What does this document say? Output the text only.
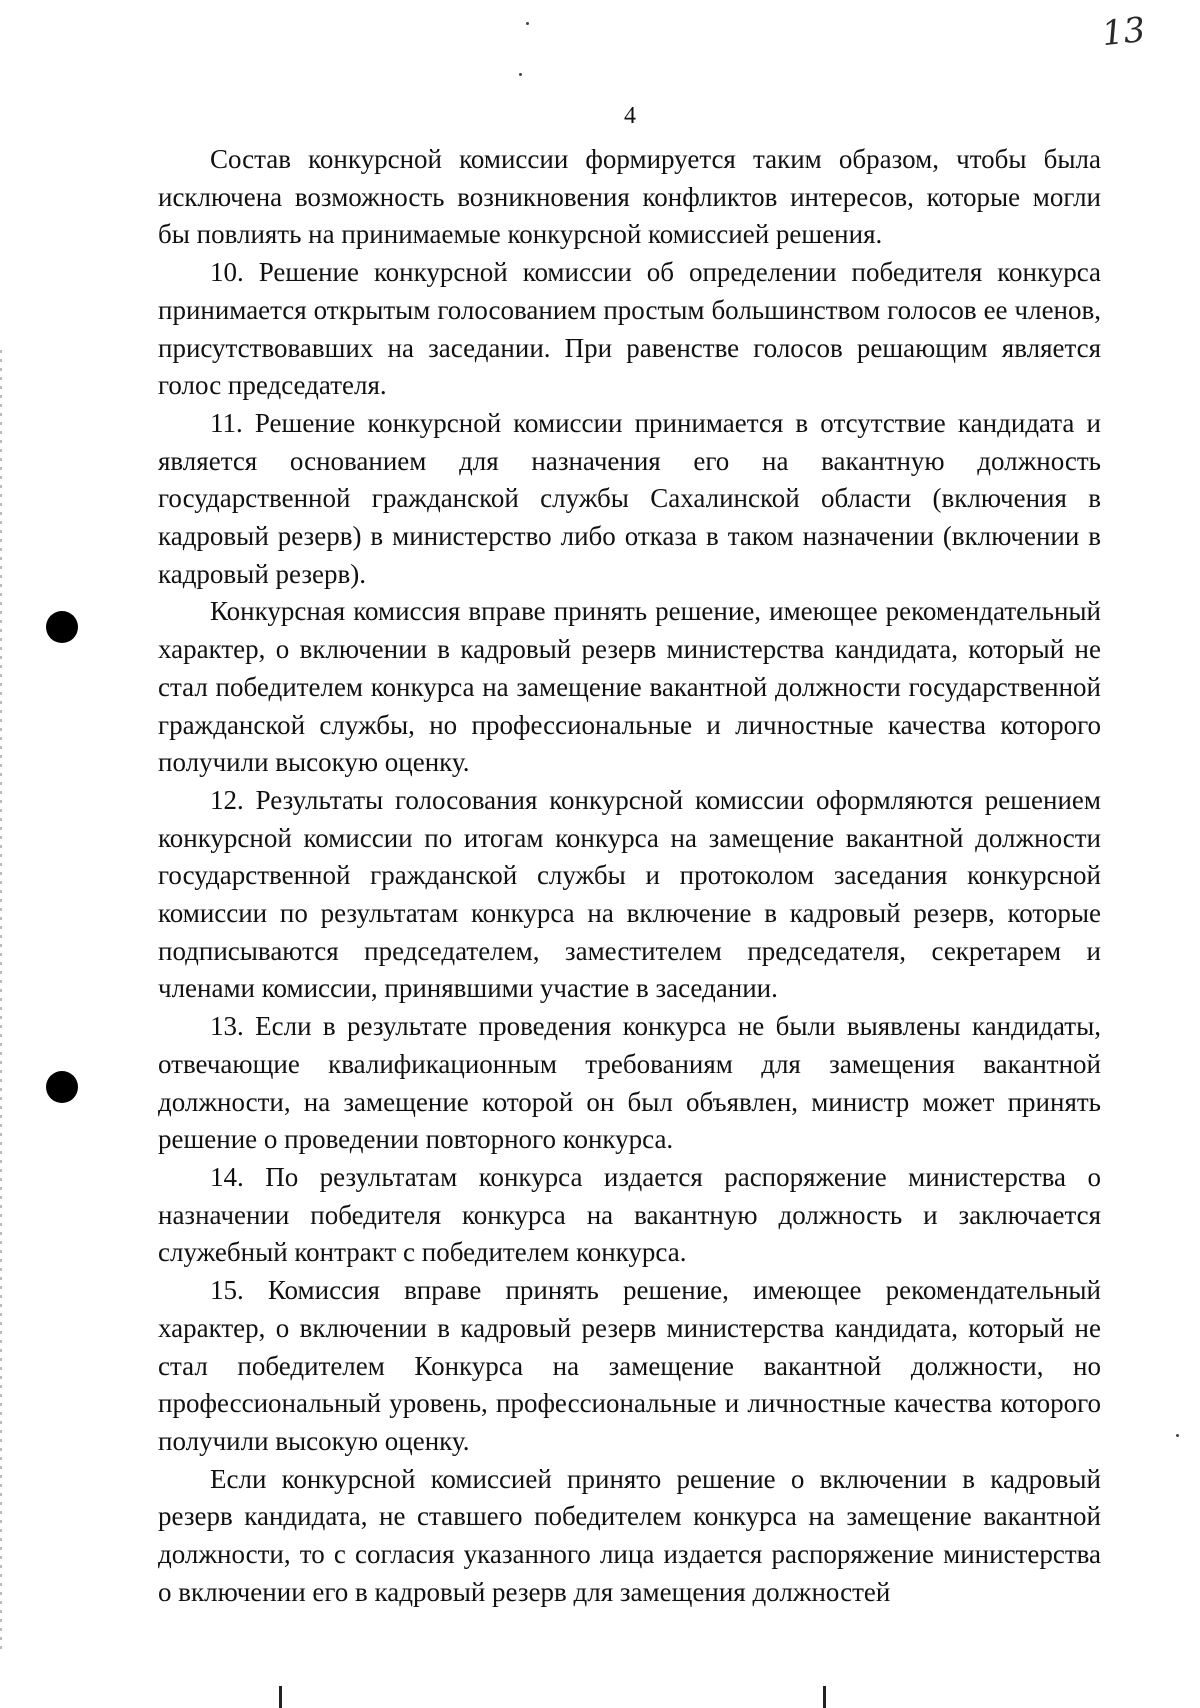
13
4

Состав конкурсной комиссии формируется таким образом, чтобы была исключена возможность возникновения конфликтов интересов, которые могли бы повлиять на принимаемые конкурсной комиссией решения.

10. Решение конкурсной комиссии об определении победителя конкурса принимается открытым голосованием простым большинством голосов ее членов, присутствовавших на заседании. При равенстве голосов решающим является голос председателя.

11. Решение конкурсной комиссии принимается в отсутствие кандидата и является основанием для назначения его на вакантную должность государственной гражданской службы Сахалинской области (включения в кадровый резерв) в министерство либо отказа в таком назначении (включении в кадровый резерв).

Конкурсная комиссия вправе принять решение, имеющее рекомендательный характер, о включении в кадровый резерв министерства кандидата, который не стал победителем конкурса на замещение вакантной должности государственной гражданской службы, но профессиональные и личностные качества которого получили высокую оценку.

12. Результаты голосования конкурсной комиссии оформляются решением конкурсной комиссии по итогам конкурса на замещение вакантной должности государственной гражданской службы и протоколом заседания конкурсной комиссии по результатам конкурса на включение в кадровый резерв, которые подписываются председателем, заместителем председателя, секретарем и членами комиссии, принявшими участие в заседании.

13. Если в результате проведения конкурса не были выявлены кандидаты, отвечающие квалификационным требованиям для замещения вакантной должности, на замещение которой он был объявлен, министр может принять решение о проведении повторного конкурса.

14. По результатам конкурса издается распоряжение министерства о назначении победителя конкурса на вакантную должность и заключается служебный контракт с победителем конкурса.

15. Комиссия вправе принять решение, имеющее рекомендательный характер, о включении в кадровый резерв министерства кандидата, который не стал победителем Конкурса на замещение вакантной должности, но профессиональный уровень, профессиональные и личностные качества которого получили высокую оценку.

Если конкурсной комиссией принято решение о включении в кадровый резерв кандидата, не ставшего победителем конкурса на замещение вакантной должности, то с согласия указанного лица издается распоряжение министерства о включении его в кадровый резерв для замещения должностей
